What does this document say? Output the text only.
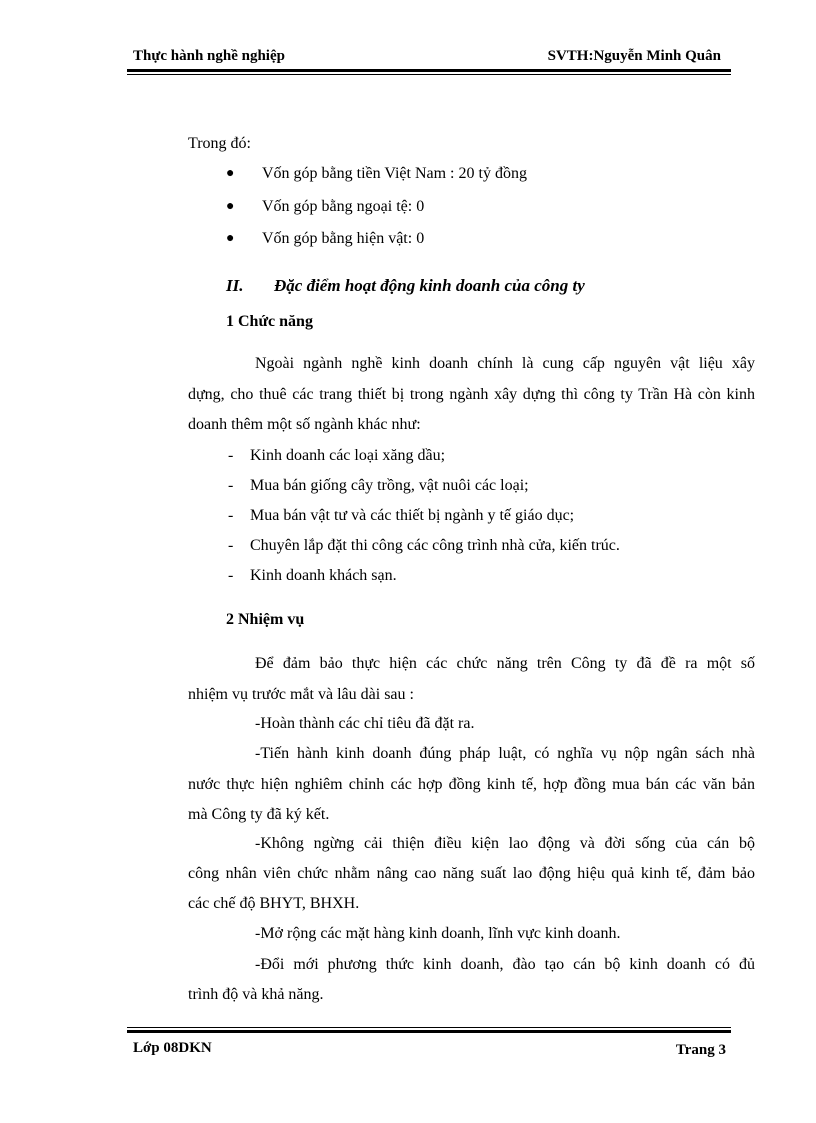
Thực hành nghề nghiệp	SVTH:Nguyễn Minh Quân
Trong đó:
● Vốn góp bằng tiền Việt Nam : 20 tỷ đồng
● Vốn góp bằng ngoại tệ: 0
● Vốn góp bằng hiện vật: 0
II. Đặc điểm hoạt động kinh doanh của công ty
1 Chức năng
Ngoài ngành nghề kinh doanh chính là cung cấp nguyên vật liệu xây
dựng, cho thuê các trang thiết bị trong ngành xây dựng thì công ty Trần Hà còn kinh
doanh thêm một số ngành khác như:
- Kinh doanh các loại xăng dầu;
- Mua bán giống cây trồng, vật nuôi các loại;
- Mua bán vật tư và các thiết bị ngành y tế giáo dục;
- Chuyên lắp đặt thi công các công trình nhà cửa, kiến trúc.
- Kinh doanh khách sạn.
2 Nhiệm vụ
Để đảm bảo thực hiện các chức năng trên Công ty đã đề ra một số
nhiệm vụ trước mắt và lâu dài sau :
-Hoàn thành các chỉ tiêu đã đặt ra.
-Tiến hành kinh doanh đúng pháp luật, có nghĩa vụ nộp ngân sách nhà
nước thực hiện nghiêm chỉnh các hợp đồng kinh tế, hợp đồng mua bán các văn bản
mà Công ty đã ký kết.
-Không ngừng cải thiện điều kiện lao động và đời sống của cán bộ
công nhân viên chức nhằm nâng cao năng suất lao động hiệu quả kinh tế, đảm bảo
các chế độ BHYT, BHXH.
-Mở rộng các mặt hàng kinh doanh, lĩnh vực kinh doanh.
-Đổi mới phương thức kinh doanh, đào tạo cán bộ kinh doanh có đủ
trình độ và khả năng.
Lớp 08DKN	Trang 3
